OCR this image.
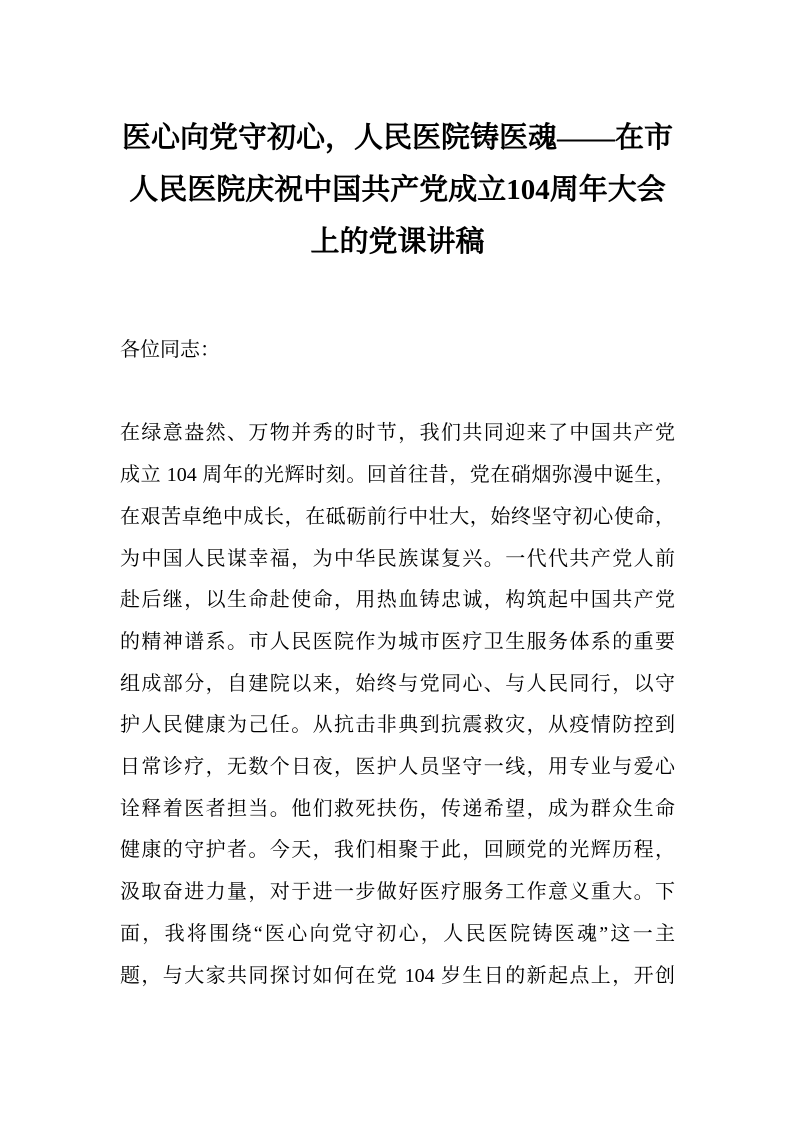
医心向党守初心，人民医院铸医魂——在市
人民医院庆祝中国共产党成立104周年大会
上的党课讲稿

各位同志：

在绿意盎然、万物并秀的时节，我们共同迎来了中国共产党
成立 104 周年的光辉时刻。回首往昔，党在硝烟弥漫中诞生，
在艰苦卓绝中成长，在砥砺前行中壮大，始终坚守初心使命，
为中国人民谋幸福，为中华民族谋复兴。一代代共产党人前
赴后继，以生命赴使命，用热血铸忠诚，构筑起中国共产党
的精神谱系。市人民医院作为城市医疗卫生服务体系的重要
组成部分，自建院以来，始终与党同心、与人民同行，以守
护人民健康为己任。从抗击非典到抗震救灾，从疫情防控到
日常诊疗，无数个日夜，医护人员坚守一线，用专业与爱心
诠释着医者担当。他们救死扶伤，传递希望，成为群众生命
健康的守护者。今天，我们相聚于此，回顾党的光辉历程，
汲取奋进力量，对于进一步做好医疗服务工作意义重大。下
面，我将围绕“医心向党守初心，人民医院铸医魂”这一主
题，与大家共同探讨如何在党 104 岁生日的新起点上，开创
